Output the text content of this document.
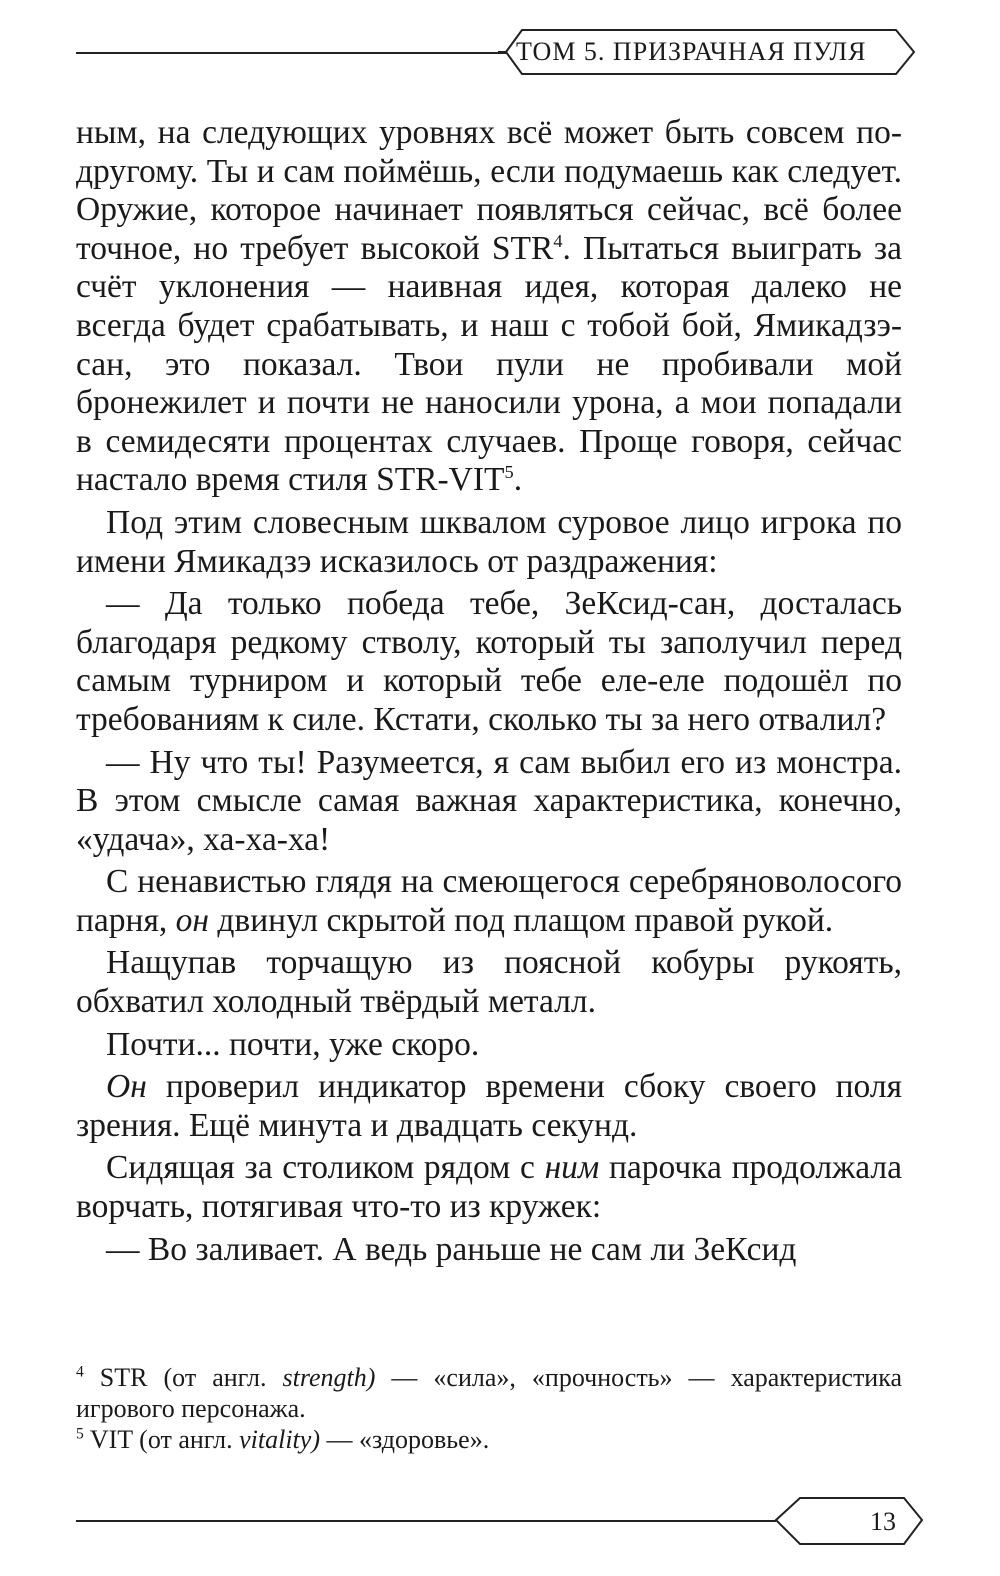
ТОМ 5. ПРИЗРАЧНАЯ ПУЛЯ

ным, на следующих уровнях всё может быть совсем по-другому. Ты и сам поймёшь, если подумаешь как следует. Оружие, которое начинает появляться сейчас, всё более точное, но требует высокой STR$^4$. Пытаться выиграть за счёт уклонения — наивная идея, которая далеко не всегда будет срабатывать, и наш с тобой бой, Ямикадзэ-сан, это показал. Твои пули не пробивали мой бронежилет и почти не наносили урона, а мои попадали в семидесяти процентах случаев. Проще говоря, сейчас настало время стиля STR-VIT$^5$.

Под этим словесным шквалом суровое лицо игрока по имени Ямикадзэ исказилось от раздражения:

— Да только победа тебе, ЗеКсид-сан, досталась благодаря редкому стволу, который ты заполучил перед самым турниром и который тебе еле-еле подошёл по требованиям к силе. Кстати, сколько ты за него отвалил?

— Ну что ты! Разумеется, я сам выбил его из монстра. В этом смысле самая важная характеристика, конечно, «удача», ха-ха-ха!

С ненавистью глядя на смеющегося серебряноволосого парня, он двинул скрытой под плащом правой рукой.

Нащупав торчащую из поясной кобуры рукоять, обхватил холодный твёрдый металл.

Почти... почти, уже скоро.

Он проверил индикатор времени сбоку своего поля зрения. Ещё минута и двадцать секунд.

Сидящая за столиком рядом с ним парочка продолжала ворчать, потягивая что-то из кружек:

— Во заливает. А ведь раньше не сам ли ЗеКсид

$^4$ STR (от англ. strength) — «сила», «прочность» — характеристика игрового персонажа.

$^5$ VIT (от англ. vitality) — «здоровье».

13
